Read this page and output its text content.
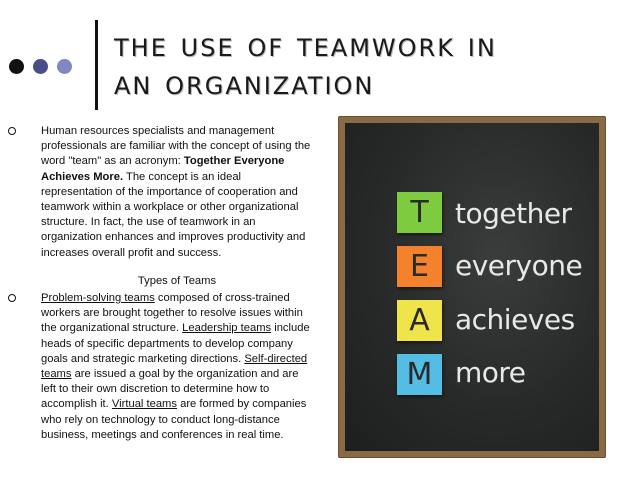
the use of teamwork in
an organization
Human resources specialists and management professionals are familiar with the concept of using the word "team" as an acronym: Together Everyone Achieves More. The concept is an ideal representation of the importance of cooperation and teamwork within a workplace or other organizational structure. In fact, the use of teamwork in an organization enhances and improves productivity and increases overall profit and success.
Types of Teams
Problem-solving teams composed of cross-trained workers are brought together to resolve issues within the organizational structure. Leadership teams include heads of specific departments to develop company goals and strategic marketing directions. Self-directed teams are issued a goal by the organization and are left to their own discretion to determine how to accomplish it. Virtual teams are formed by companies who rely on technology to conduct long-distance business, meetings and conferences in real time.
T
E
A
M
together
everyone
achieves
more
